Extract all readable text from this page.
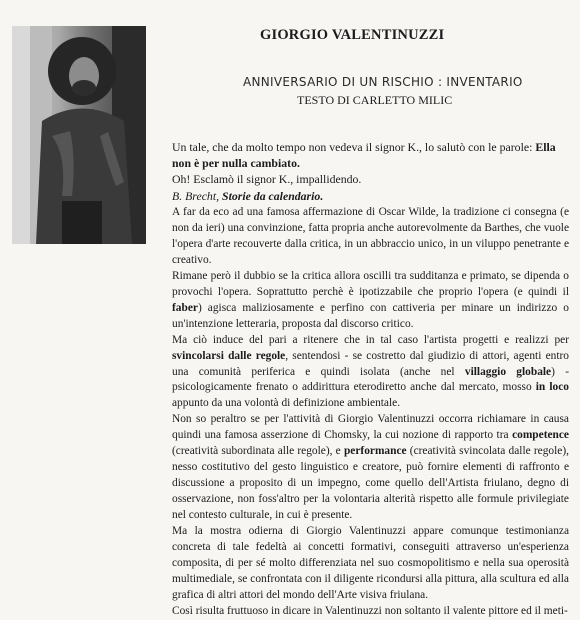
GIORGIO VALENTINUZZI
ANNIVERSARIO DI UN RISCHIO : INVENTARIO
TESTO DI CARLETTO MILIC

Un tale, che da molto tempo non vedeva il signor K., lo salutò con le parole: Ella non è per nulla cambiato.

Oh! Esclamò il signor K., impallidendo.

B. Brecht, Storie da calendario.

A far da eco ad una famosa affermazione di Oscar Wilde, la tradizione ci consegna (e non da ieri) una convinzione, fatta propria anche autorevolmente da Barthes, che vuole l'opera d'arte recouverte dalla critica, in un abbraccio unico, in un viluppo penetrante e creativo.

Rimane però il dubbio se la critica allora oscilli tra sudditanza e primato, se dipenda o provochi l'opera. Soprattutto perchè è ipotizzabile che proprio l'opera (e quindi il faber) agisca maliziosamente e perfino con cattiveria per minare un indirizzo o un'intenzione letteraria, proposta dal discorso critico.

Ma ciò induce del pari a ritenere che in tal caso l'artista progetti e realizzi per svincolarsi dalle regole, sentendosi - se costretto dal giudizio di attori, agenti entro una comunità periferica e quindi isolata (anche nel villaggio globale) - psicologicamente frenato o addirittura eterodiretto anche dal mercato, mosso in loco appunto da una volontà di definizione ambientale.

Non so peraltro se per l'attività di Giorgio Valentinuzzi occorra richiamare in causa quindi una famosa asserzione di Chomsky, la cui nozione di rapporto tra competence (creatività subordinata alle regole), e performance (creatività svincolata dalle regole), nesso costitutivo del gesto linguistico e creatore, può fornire elementi di raffronto e discussione a proposito di un impegno, come quello dell'Artista friulano, degno di osservazione, non foss'altro per la volontaria alterità rispetto alle formule privilegiate nel contesto culturale, in cui è presente.

Ma la mostra odierna di Giorgio Valentinuzzi appare comunque testimonianza concreta di tale fedeltà ai concetti formativi, conseguiti attraverso un'esperienza composita, di per sé molto differenziata nel suo cosmopolitismo e nella sua operosità multimediale, se confrontata con il diligente ricondursi alla pittura, alla scultura ed alla grafica di altri attori del mondo dell'Arte visiva friulana.

Così risulta fruttuoso in dicare in Valentinuzzi non soltanto il valente pittore ed il meti-
